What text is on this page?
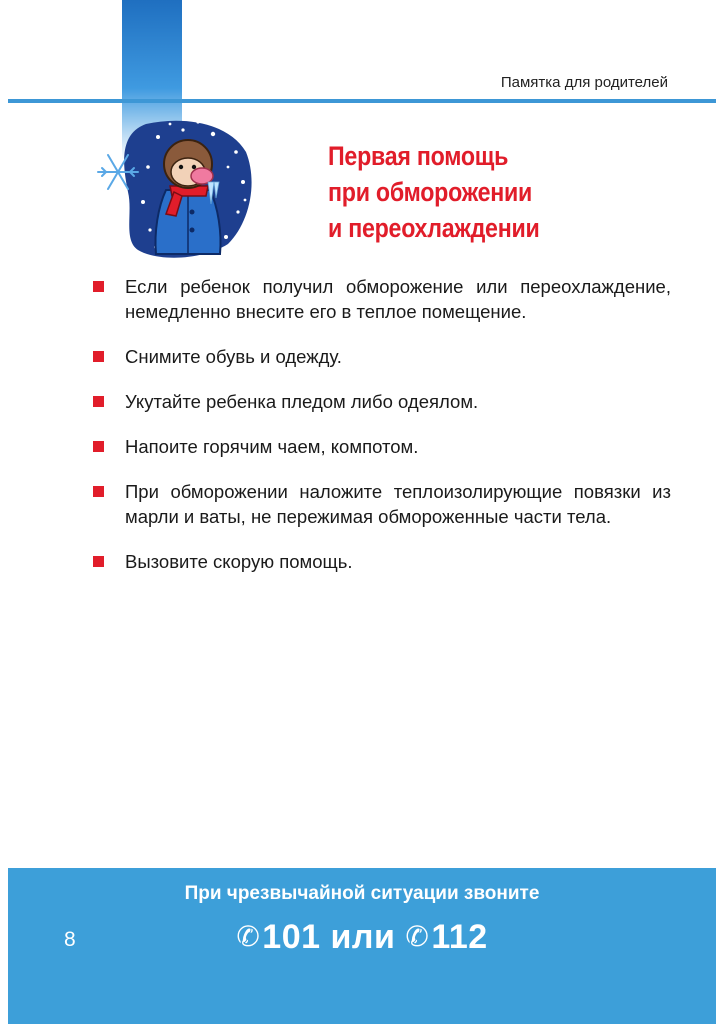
Памятка для родителей
Первая помощь
при обморожении
и переохлаждении
Если ребенок получил обморожение или переохлаждение, немедленно внесите его в теплое помещение.
Снимите обувь и одежду.
Укутайте ребенка пледом либо одеялом.
Напоите горячим чаем, компотом.
При обморожении наложите теплоизолирующие повязки из марли и ваты, не пережимая обмороженные части тела.
Вызовите скорую помощь.
При чрезвычайной ситуации звоните
✆101 или ✆112
8
